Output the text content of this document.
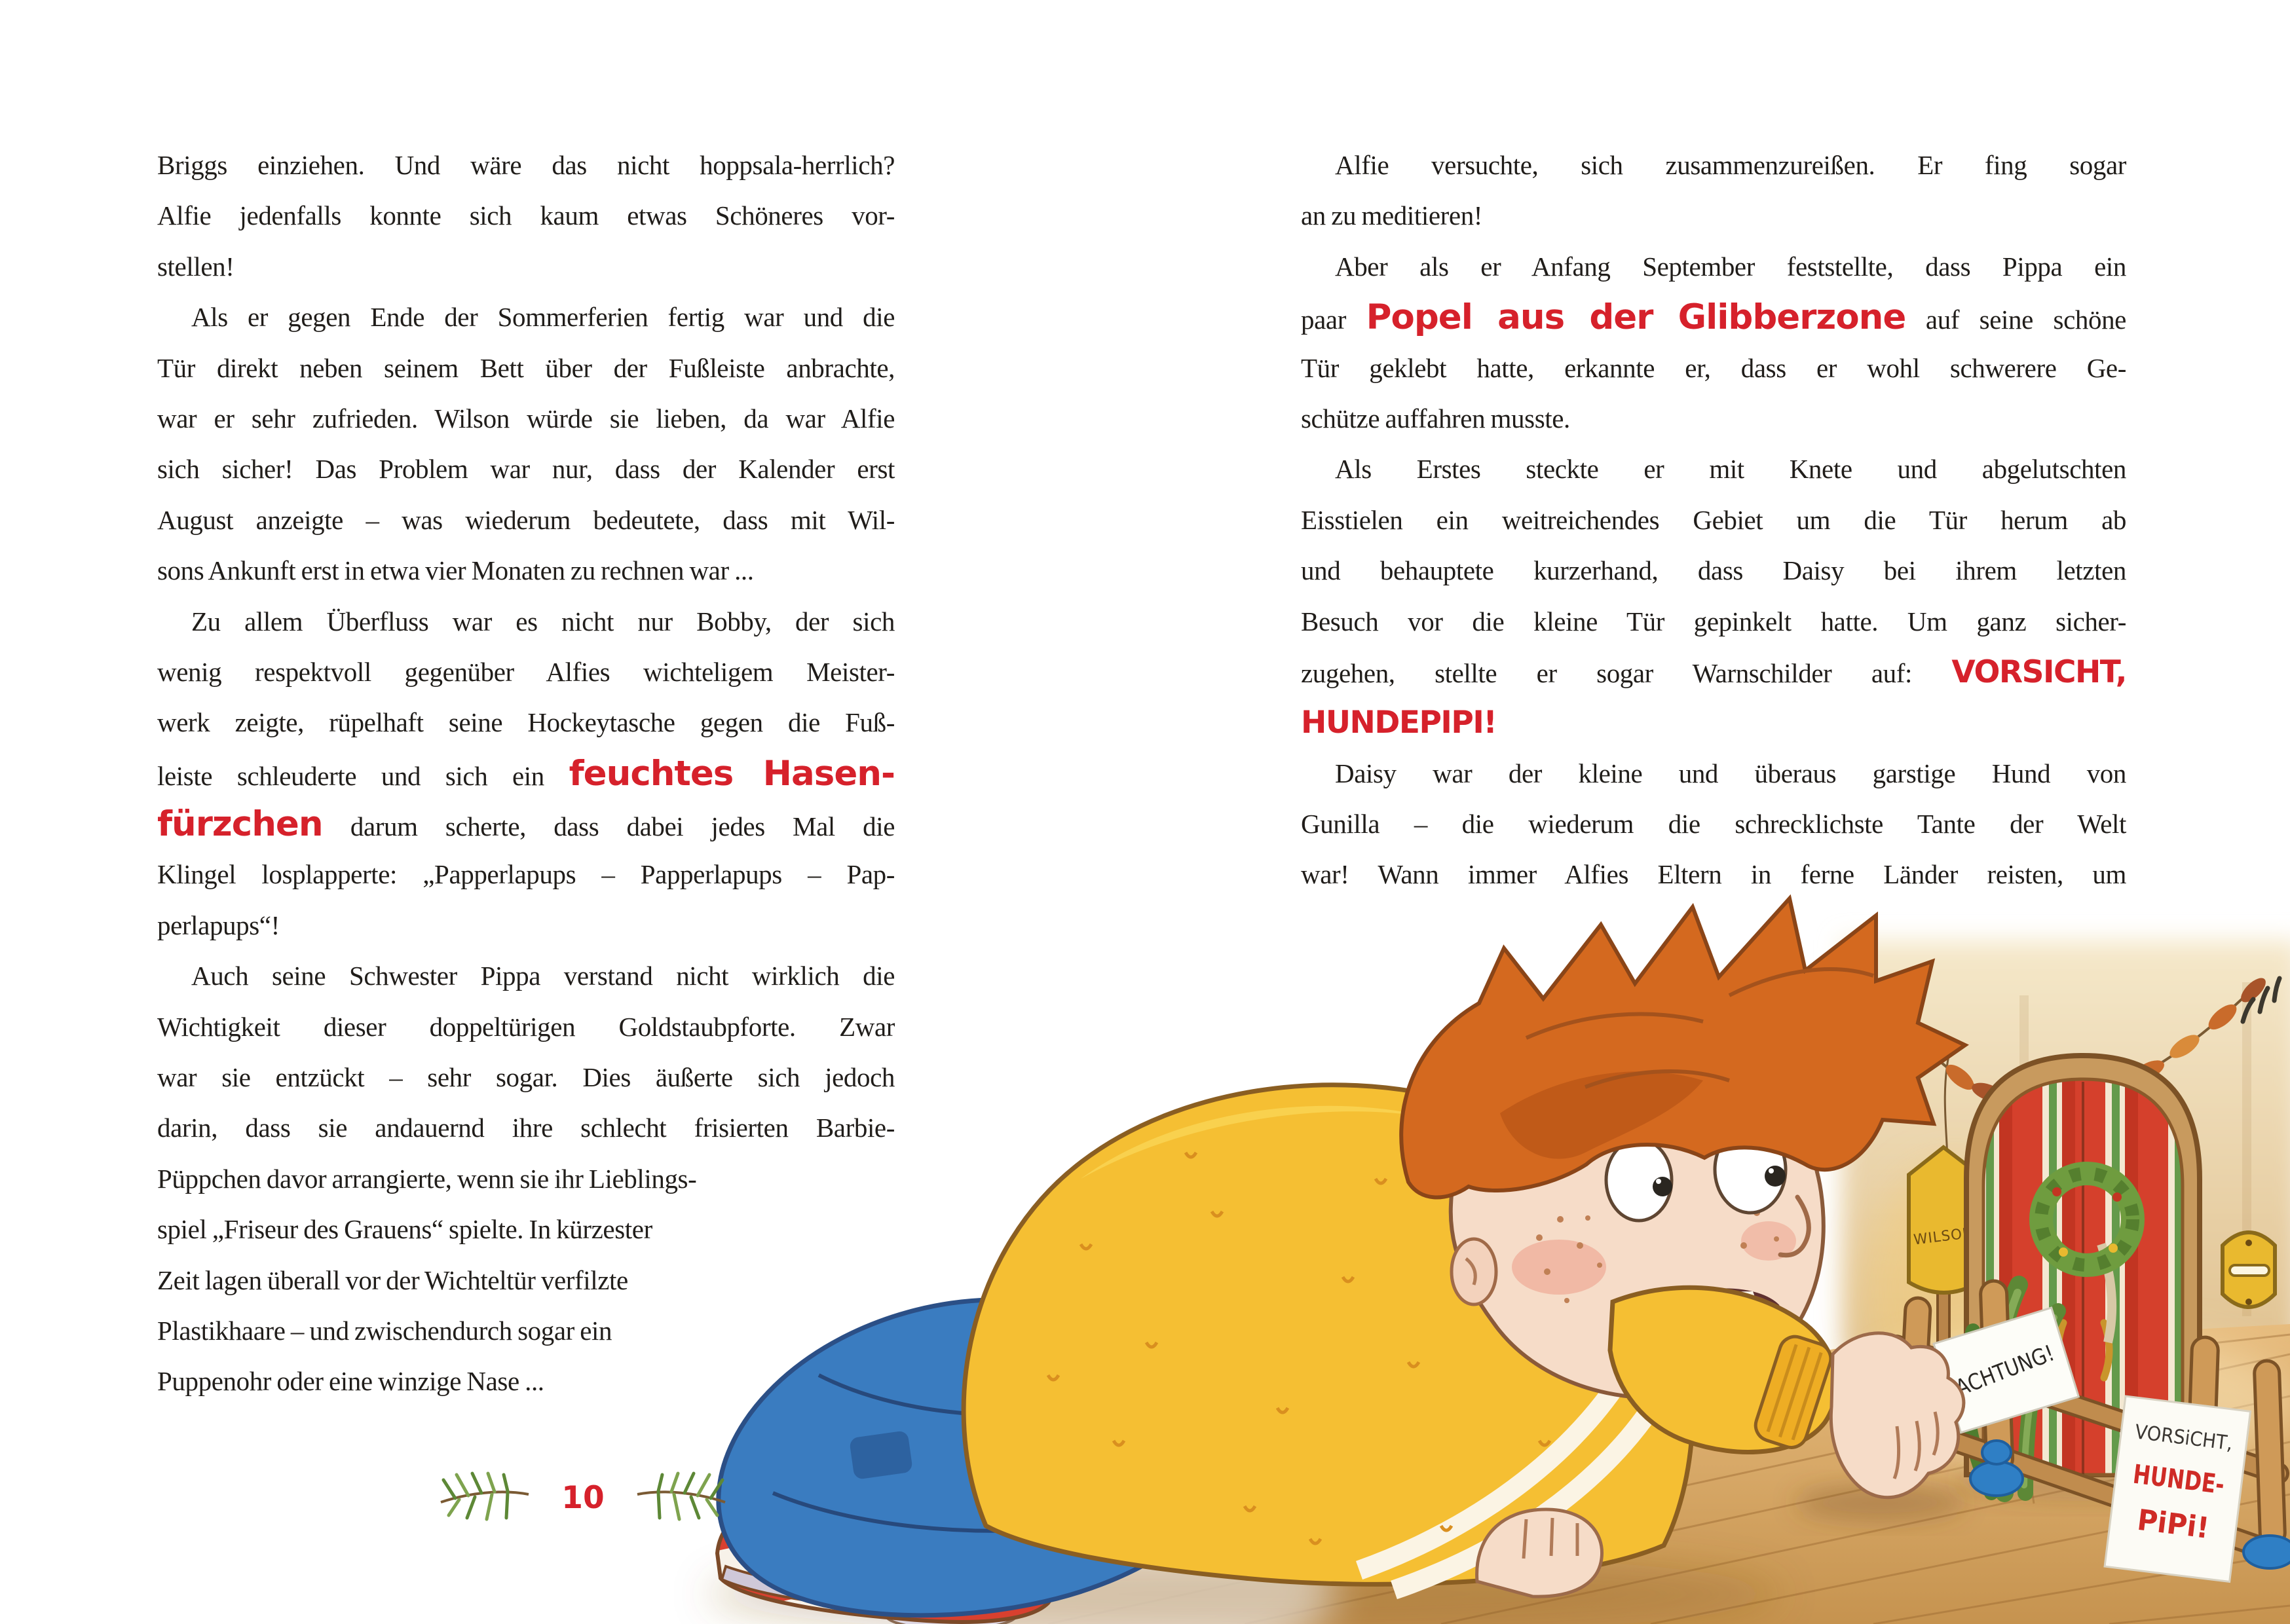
WILSON
ACHTUNG!
VORSiCHT,
HUNDE-
PiPi!
Briggs einziehen. Und wäre das nicht hoppsala-herrlich?
Alfie jedenfalls konnte sich kaum etwas Schöneres vor-
stellen!
Als er gegen Ende der Sommerferien fertig war und die
Tür direkt neben seinem Bett über der Fußleiste anbrachte,
war er sehr zufrieden. Wilson würde sie lieben, da war Alfie
sich sicher! Das Problem war nur, dass der Kalender erst
August anzeigte – was wiederum bedeutete, dass mit Wil-
sons Ankunft erst in etwa vier Monaten zu rechnen war ...
Zu allem Überfluss war es nicht nur Bobby, der sich
wenig respektvoll gegenüber Alfies wichteligem Meister-
werk zeigte, rüpelhaft seine Hockeytasche gegen die Fuß-
leiste schleuderte und sich ein feuchtes Hasen-
fürzchen darum scherte, dass dabei jedes Mal die
Klingel losplapperte: „Papperlapups – Papperlapups – Pap-
perlapups“!
Auch seine Schwester Pippa verstand nicht wirklich die
Wichtigkeit dieser doppeltürigen Goldstaubpforte. Zwar
war sie entzückt – sehr sogar. Dies äußerte sich jedoch
darin, dass sie andauernd ihre schlecht frisierten Barbie-
Püppchen davor arrangierte, wenn sie ihr Lieblings-
spiel „Friseur des Grauens“ spielte. In kürzester
Zeit lagen überall vor der Wichteltür verfilzte
Plastikhaare – und zwischendurch sogar ein
Puppenohr oder eine winzige Nase ...
Alfie versuchte, sich zusammenzureißen. Er fing sogar
an zu meditieren!
Aber als er Anfang September feststellte, dass Pippa ein
paar Popel aus der Glibberzone auf seine schöne
Tür geklebt hatte, erkannte er, dass er wohl schwerere Ge-
schütze auffahren musste.
Als Erstes steckte er mit Knete und abgelutschten
Eisstielen ein weitreichendes Gebiet um die Tür herum ab
und behauptete kurzerhand, dass Daisy bei ihrem letzten
Besuch vor die kleine Tür gepinkelt hatte. Um ganz sicher-
zugehen, stellte er sogar Warnschilder auf: VORSICHT,
HUNDEPIPI!
Daisy war der kleine und überaus garstige Hund von
Gunilla – die wiederum die schrecklichste Tante der Welt
war! Wann immer Alfies Eltern in ferne Länder reisten, um
10
